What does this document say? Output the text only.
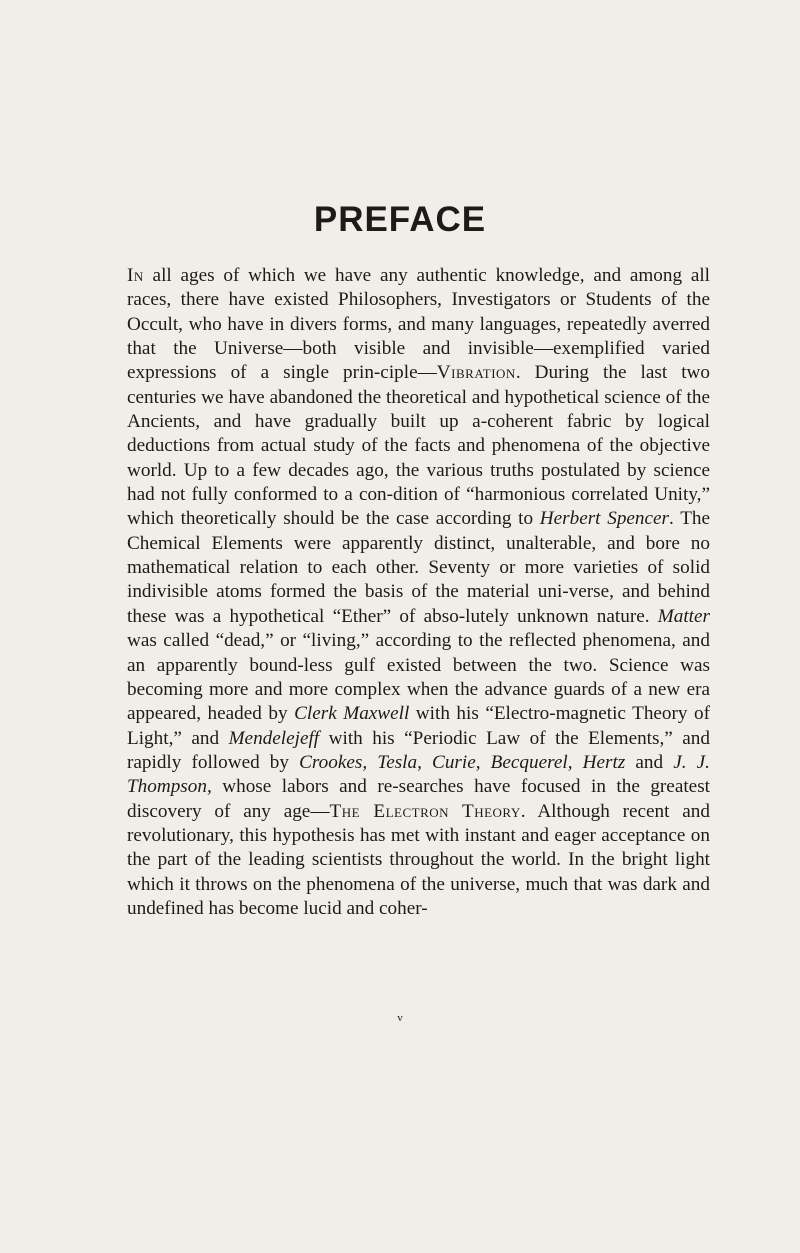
PREFACE

In all ages of which we have any authentic knowledge, and among all races, there have existed Philosophers, Investigators or Students of the Occult, who have in divers forms, and many languages, repeatedly averred that the Universe—both visible and invisible—exemplified varied expressions of a single prin-ciple—Vibration. During the last two centuries we have abandoned the theoretical and hypothetical science of the Ancients, and have gradually built up a-coherent fabric by logical deductions from actual study of the facts and phenomena of the objective world. Up to a few decades ago, the various truths postulated by science had not fully conformed to a con-dition of “harmonious correlated Unity,” which theoretically should be the case according to Herbert Spencer. The Chemical Elements were apparently distinct, unalterable, and bore no mathematical relation to each other. Seventy or more varieties of solid indivisible atoms formed the basis of the material uni-verse, and behind these was a hypothetical “Ether” of abso-lutely unknown nature. Matter was called “dead,” or “living,” according to the reflected phenomena, and an apparently bound-less gulf existed between the two. Science was becoming more and more complex when the advance guards of a new era appeared, headed by Clerk Maxwell with his “Electro-magnetic Theory of Light,” and Mendelejeff with his “Periodic Law of the Elements,” and rapidly followed by Crookes, Tesla, Curie, Becquerel, Hertz and J. J. Thompson, whose labors and re-searches have focused in the greatest discovery of any age—The Electron Theory. Although recent and revolutionary, this hypothesis has met with instant and eager acceptance on the part of the leading scientists throughout the world. In the bright light which it throws on the phenomena of the universe, much that was dark and undefined has become lucid and coher-

v
